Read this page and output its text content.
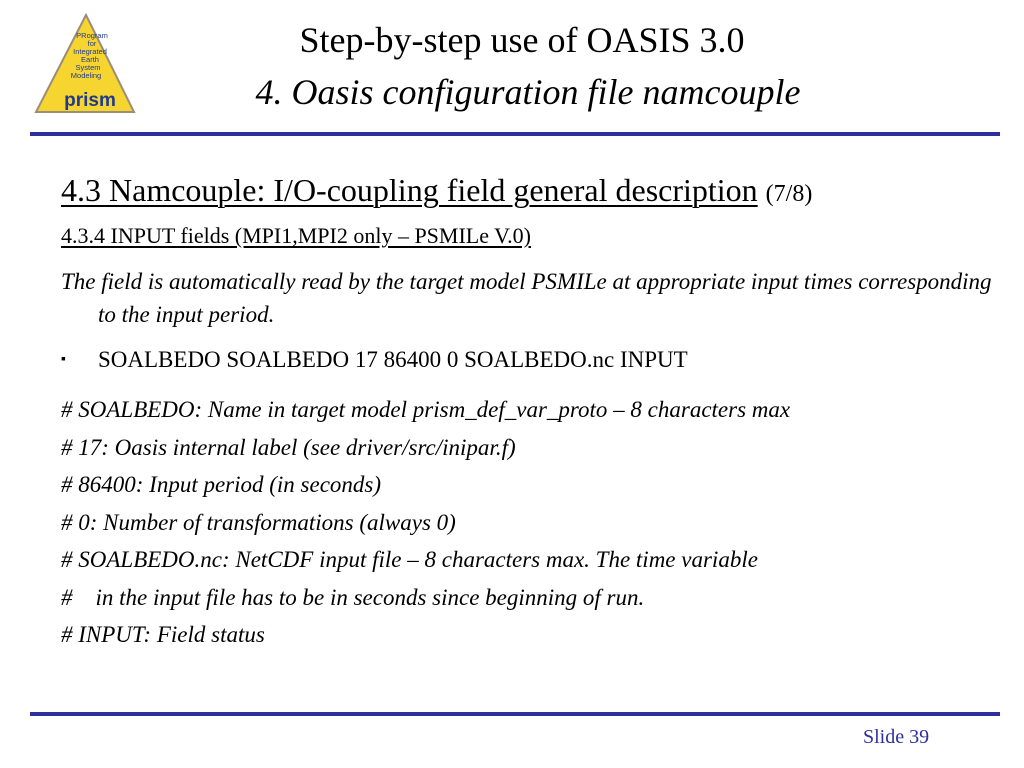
PRogram
for
Integrated
Earth
System
Modeling
prism
Step-by-step use of OASIS 3.0
4. Oasis configuration file namcouple
4.3 Namcouple: I/O-coupling field general description (7/8)
4.3.4 INPUT fields (MPI1,MPI2 only – PSMILe V.0)
The field is automatically read by the target model PSMILe at appropriate input times corresponding to the input period.
▪ SOALBEDO SOALBEDO 17 86400 0 SOALBEDO.nc INPUT
# SOALBEDO: Name in target model prism_def_var_proto – 8 characters max
# 17: Oasis internal label (see driver/src/inipar.f)
# 86400: Input period (in seconds)
# 0: Number of transformations (always 0)
# SOALBEDO.nc: NetCDF input file – 8 characters max. The time variable
#    in the input file has to be in seconds since beginning of run.
# INPUT: Field status
Slide 39
